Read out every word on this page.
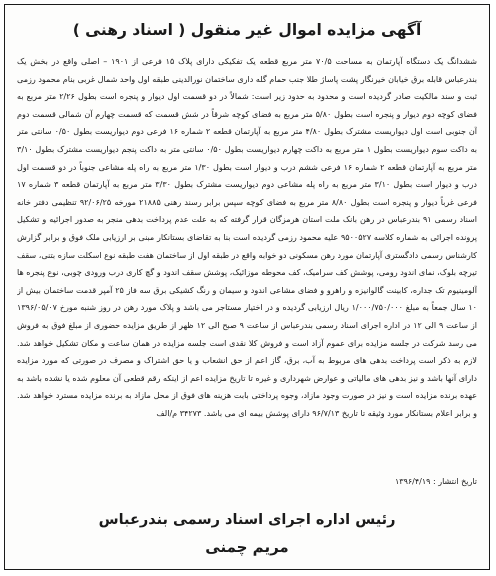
آگهی مزایده اموال غیر منقول ( اسناد رهنی )
ششدانگ یک دستگاه آپارتمان به مساحت ۷۰/۵ متر مربع قطعه یک تفکیکی دارای پلاک ۱۵ فرعی از ۱۹۰۱ – اصلی واقع در بخش یک بندرعباس قابله برق خیابان خیرنگار پشت پاساژ طلا جنب حمام گله داری ساختمان نورالدینی طبقه اول واحد شمال غربی بنام محمود رزمی ثبت و سند مالکیت صادر گردیده است و محدود به حدود زیر است: شمالاً در دو قسمت اول دیوار و پنجره است بطول ۲/۲۶ متر مربع به فضای کوچه دوم دیوار و پنجره است بطول ۵/۸۰ متر مربع به فضای کوچه شرقاً در شش قسمت که قسمت چهارم آن شمالی قسمت دوم آن جنوبی است اول دیواریست مشترک بطول ۴/۸۰ متر مربع به آپارتمان قطعه ۲ شماره ۱۶ فرعی دوم دیواریست بطول ۰/۵۰ سانتی متر به داکت سوم دیواریست بطول ۱ متر مربع به داکت چهارم دیواریست بطول ۰/۵۰ سانتی متر به داکت پنجم دیواریست مشترک بطول ۳/۱۰ متر مربع به آپارتمان قطعه ۲ شماره ۱۶ فرعی ششم درب و دیوار است بطول ۱/۳۰ متر مربع به راه پله مشاعی جنوباً در دو قسمت اول درب و دیوار است بطول ۳/۱۰ متر مربع به راه پله مشاعی دوم دیواریست مشترک بطول ۳/۳۰ متر مربع به آپارتمان قطعه ۳ شماره ۱۷ فرعی غرباً دیوار و پنجره است بطول ۸/۸۰ متر مربع به فضای کوچه سپس برابر رسند رهنی ۲۱۸۸۵ مورخه ۹۲/۰۶/۲۵ تنظیمی دفتر خانه اسناد رسمی ۹۱ بندرعباس در رهن بانک ملت استان هرمزگان قرار گرفته که به علت عدم پرداخت بدهی منجر به صدور اجرائیه و تشکیل پرونده اجرائی به شماره کلاسه ۹۵۰۰۵۲۷ علیه محمود رزمی گردیده است بنا به تقاضای بستانکار مبنی بر ارزیابی ملک فوق و برابر گزارش کارشناس رسمی دادگستری آپارتمان مورد رهن مسکونی دو خوابه واقع در طبقه اول از ساختمان هفت طبقه نوع اسکلت سازه بتنی، سقف تیرچه بلوک، نمای اندود رومی، پوشش کف سرامیک، کف محوطه موزائیک، پوشش سقف اندود و گچ کاری درب ورودی چوبی، نوع پنجره ها آلومینیوم تک جداره، کابینت گالوانیزه و راهرو و فضای مشاعی اندود و سیمان و رنگ کشیکی برق سه فاز ۲۵ آمپر قدمت ساختمان بیش از ۱۰ سال جمعاً به مبلغ ۱/۰۰۰/۷۵۰/۰۰۰ ریال ارزیابی گردیده و در اختیار مستاجر می باشد و پلاک مورد رهن در روز شنبه مورخ ۱۳۹۶/۰۵/۰۷ از ساعت ۹ الی ۱۲ در اداره اجرای اسناد رسمی بندرعباس از ساعت ۹ صبح الی ۱۲ ظهر از طریق مزایده حضوری از مبلغ فوق به فروش می رسد شرکت در جلسه مزایده برای عموم آزاد است و فروش کلا نقدی است جلسه مزایده در همان ساعت و مکان تشکیل خواهد شد. لازم به ذکر است پرداخت بدهی های مربوط به آب، برق، گاز اعم از حق انشعاب و یا حق اشتراک و مصرف در صورتی که مورد مزایده دارای آنها باشد و نیز بدهی های مالیاتی و عوارض شهرداری و غیره تا تاریخ مزایده اعم از اینکه رقم قطعی آن معلوم شده یا نشده باشد به عهده برنده مزایده است و نیز در صورت وجود مازاد، وجوه پرداختی بابت هزینه های فوق از محل مازاد به برنده مزایده مسترد خواهد شد. و برابر اعلام بستانکار مورد وثیقه تا تاریخ ۹۶/۷/۱۳ دارای پوشش بیمه ای می باشد. ۳۴۲۷۳ م/الف
تاریخ انتشار : ۱۳۹۶/۴/۱۹
رئیس اداره اجرای اسناد رسمی بندرعباس
مریم چمنی
